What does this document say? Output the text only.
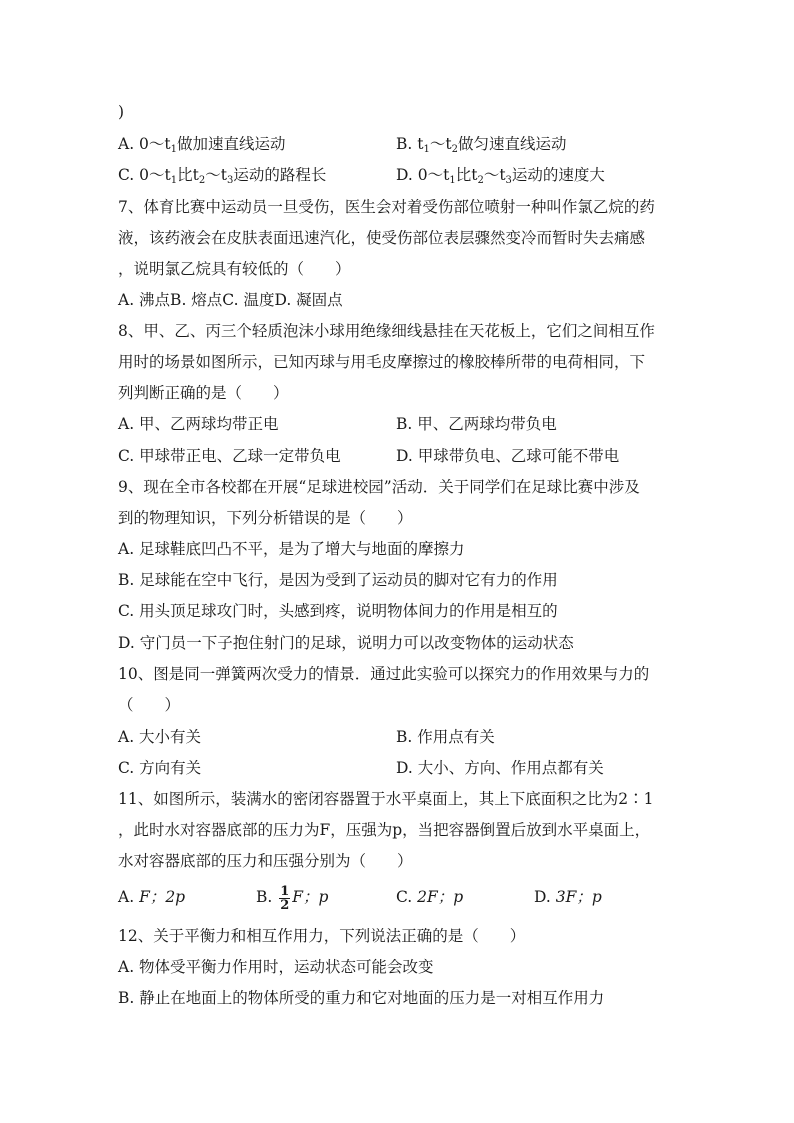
)
A. $0\sim t_1$做加速直线运动	B. $t_1\sim t_2$做匀速直线运动
C. $0\sim t_1$比$t_2\sim t_3$运动的路程长	D. $0\sim t_1$比$t_2\sim t_3$运动的速度大
7、体育比赛中运动员一旦受伤，医生会对着受伤部位喷射一种叫作氯乙烷的药
液，该药液会在皮肤表面迅速汽化，使受伤部位表层骤然变冷而暂时失去痛感
，说明氯乙烷具有较低的（　　）
A. 沸点B. 熔点C. 温度D. 凝固点
8、甲、乙、丙三个轻质泡沫小球用绝缘细线悬挂在天花板上，它们之间相互作
用时的场景如图所示，已知丙球与用毛皮摩擦过的橡胶棒所带的电荷相同，下
列判断正确的是（　　）
A. 甲、乙两球均带正电	B. 甲、乙两球均带负电
C. 甲球带正电、乙球一定带负电	D. 甲球带负电、乙球可能不带电
9、现在全市各校都在开展“足球进校园”活动．关于同学们在足球比赛中涉及
到的物理知识，下列分析错误的是（　　）
A. 足球鞋底凹凸不平，是为了增大与地面的摩擦力
B. 足球能在空中飞行，是因为受到了运动员的脚对它有力的作用
C. 用头顶足球攻门时，头感到疼，说明物体间力的作用是相互的
D. 守门员一下子抱住射门的足球，说明力可以改变物体的运动状态
10、图是同一弹簧两次受力的情景．通过此实验可以探究力的作用效果与力的
（　　）
A. 大小有关	B. 作用点有关
C. 方向有关	D. 大小、方向、作用点都有关
11、如图所示，装满水的密闭容器置于水平桌面上，其上下底面积之比为2∶1
，此时水对容器底部的压力为F，压强为p，当把容器倒置后放到水平桌面上，
水对容器底部的压力和压强分别为（　　）
A. F；2p	B. $\frac{1}{2}$ F；p	C. 2F；p	D. 3F；p
12、关于平衡力和相互作用力，下列说法正确的是（　　）
A. 物体受平衡力作用时，运动状态可能会改变
B. 静止在地面上的物体所受的重力和它对地面的压力是一对相互作用力
